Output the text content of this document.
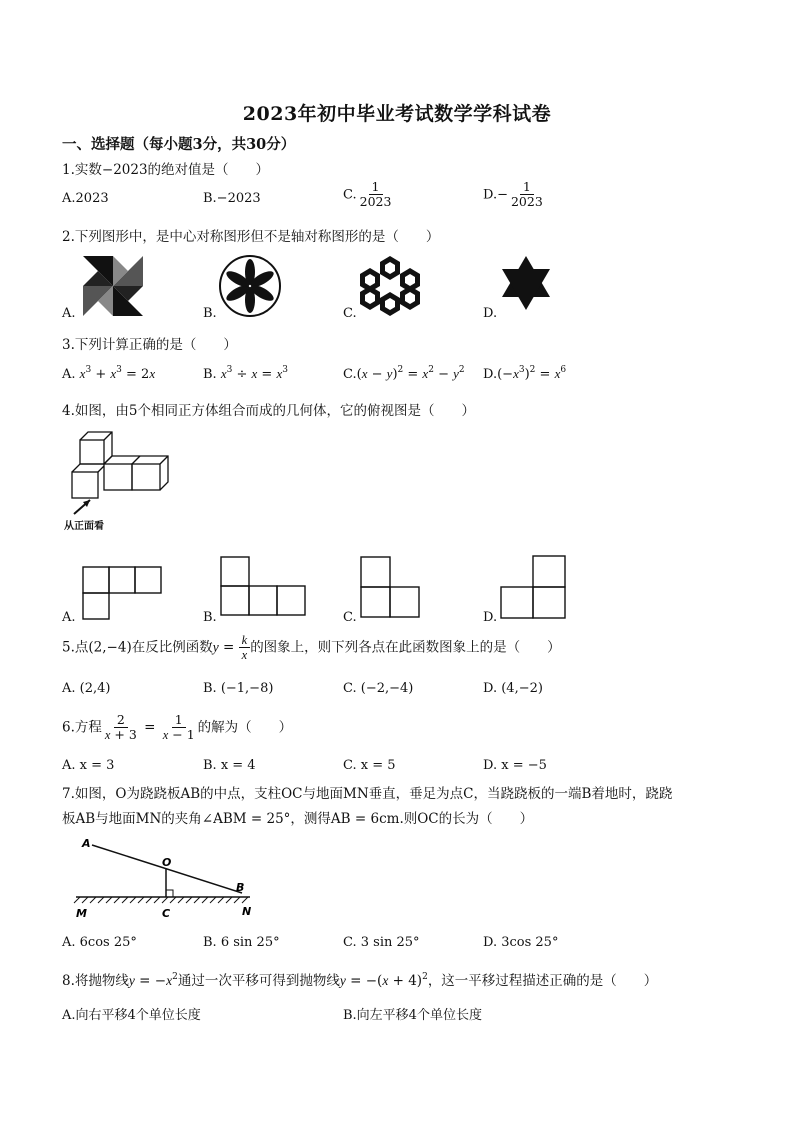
2023年初中毕业考试数学学科试卷
一、选择题（每小题3分，共30分）
1.实数−2023的绝对值是（　　）
A.2023	B.−2023	C. $\frac{1}{2023}$	$D.- \frac{1}{2023}$
2.下列图形中，是中心对称图形但不是轴对称图形的是（　　）
A.	B.	C.	D.
3.下列计算正确的是（　　）
A. $x^3 + x^3 = 2x$	B. $x^3 \div x = x^3$	$C.(x - y)^2 = x^2 - y^2$ $D.(-x^3)^2 = x^6$
4.如图，由5个相同正方体组合而成的几何体，它的俯视图是（　　）
从正面看
A.	B.	C.	D.
5.点(2,−4)在反比例函数$y = \frac{k}{x}$ 的图象上，则下列各点在此函数图象上的是（　　）
A. (2,4)	B. (−1,−8)	C. (−2,−4)	D. (4,−2)
6.方程 $\frac{2}{x + 3} = \frac{1}{x - 1}$ 的解为（　　）
A. x = 3	B. x = 4	C. x = 5	D. x = −5
7.如图，O为跷跷板AB的中点，支柱OC与地面MN垂直，垂足为点C，当跷跷板的一端B着地时，跷跷
板AB与地面MN的夹角∠ABM = 25°，测得AB = 6cm.则OC的长为（　　）
A
O
B
M	C	N
A. 6cos 25°	B. 6 sin 25°	C. 3 sin 25°	D. 3cos 25°
8.将抛物线$y = -x^2$通过一次平移可得到抛物线$y = -(x + 4)^2$，这一平移过程描述正确的是（　　）
A.向右平移4个单位长度	B.向左平移4个单位长度
